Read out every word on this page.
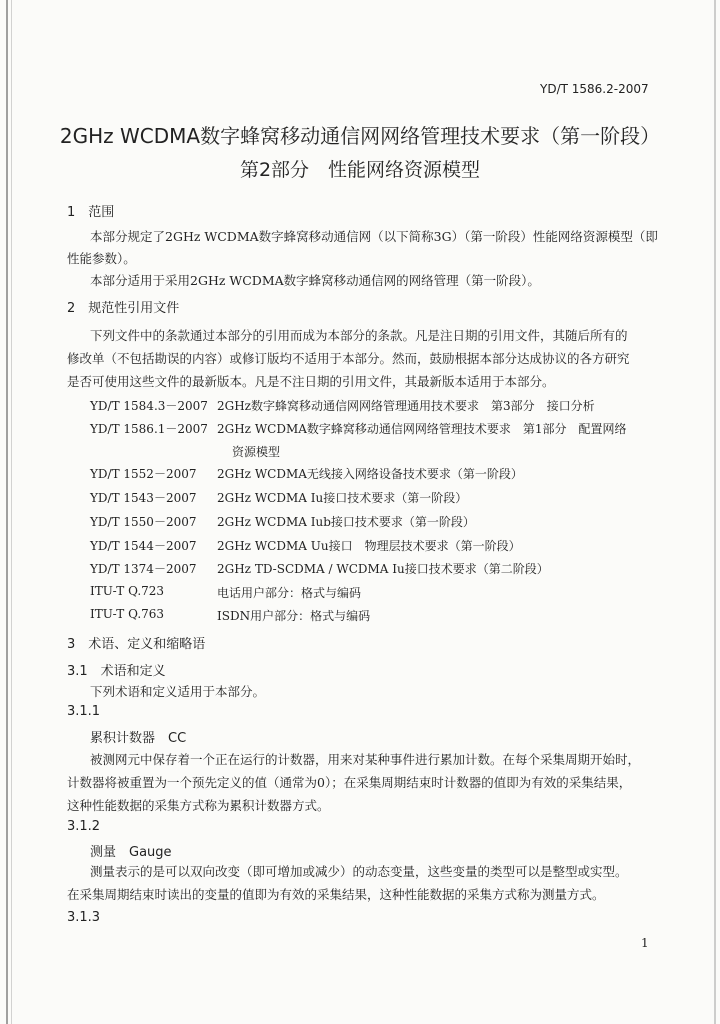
YD/T 1586.2-2007
2GHz WCDMA数字蜂窝移动通信网网络管理技术要求（第一阶段）
第2部分　性能网络资源模型
1　范围
本部分规定了2GHz WCDMA数字蜂窝移动通信网（以下简称3G）（第一阶段）性能网络资源模型（即
性能参数）。
本部分适用于采用2GHz WCDMA数字蜂窝移动通信网的网络管理（第一阶段）。
2　规范性引用文件
下列文件中的条款通过本部分的引用而成为本部分的条款。凡是注日期的引用文件，其随后所有的
修改单（不包括勘误的内容）或修订版均不适用于本部分。然而，鼓励根据本部分达成协议的各方研究
是否可使用这些文件的最新版本。凡是不注日期的引用文件，其最新版本适用于本部分。
YD/T 1584.3－2007 2GHz数字蜂窝移动通信网网络管理通用技术要求　第3部分　接口分析
YD/T 1586.1－2007 2GHz WCDMA数字蜂窝移动通信网网络管理技术要求　第1部分　配置网络
资源模型
YD/T 1552－2007 2GHz WCDMA无线接入网络设备技术要求（第一阶段）
YD/T 1543－2007 2GHz WCDMA Iu接口技术要求（第一阶段）
YD/T 1550－2007 2GHz WCDMA Iub接口技术要求（第一阶段）
YD/T 1544－2007 2GHz WCDMA Uu接口　物理层技术要求（第一阶段）
YD/T 1374－2007 2GHz TD-SCDMA / WCDMA Iu接口技术要求（第二阶段）
ITU-T Q.723	电话用户部分：格式与编码
ITU-T Q.763	ISDN用户部分：格式与编码
3　术语、定义和缩略语
3.1　术语和定义
下列术语和定义适用于本部分。
3.1.1
累积计数器　CC
被测网元中保存着一个正在运行的计数器，用来对某种事件进行累加计数。在每个采集周期开始时，
计数器将被重置为一个预先定义的值（通常为0）；在采集周期结束时计数器的值即为有效的采集结果，
这种性能数据的采集方式称为累积计数器方式。
3.1.2
测量　Gauge
测量表示的是可以双向改变（即可增加或减少）的动态变量，这些变量的类型可以是整型或实型。
在采集周期结束时读出的变量的值即为有效的采集结果，这种性能数据的采集方式称为测量方式。
3.1.3
1
